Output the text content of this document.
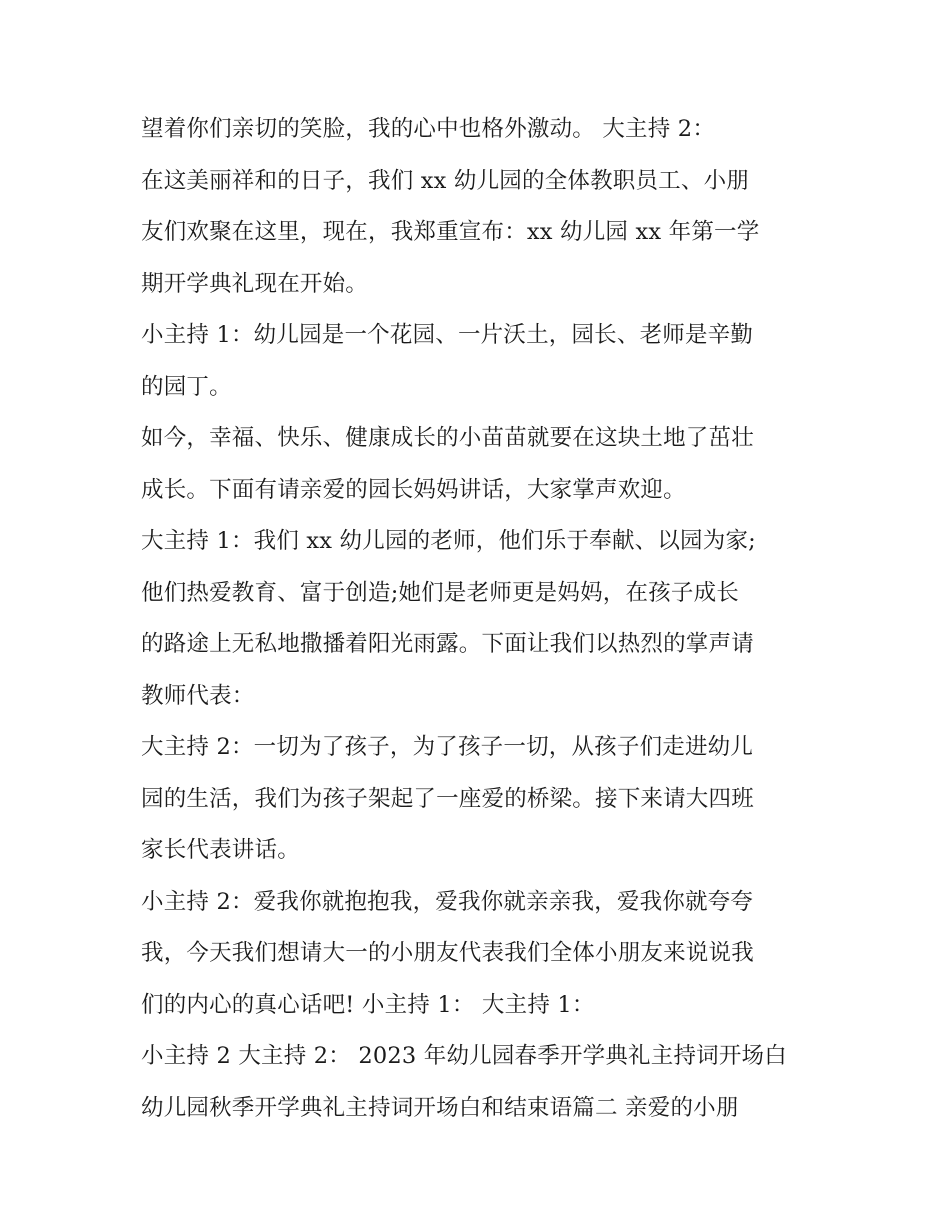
望着你们亲切的笑脸，我的心中也格外激动。 大主持 2：
在这美丽祥和的日子，我们 xx 幼儿园的全体教职员工、小朋
友们欢聚在这里，现在，我郑重宣布：xx 幼儿园 xx 年第一学
期开学典礼现在开始。
小主持 1：幼儿园是一个花园、一片沃土，园长、老师是辛勤
的园丁。
如今，幸福、快乐、健康成长的小苗苗就要在这块土地了茁壮
成长。下面有请亲爱的园长妈妈讲话，大家掌声欢迎。
大主持 1：我们 xx 幼儿园的老师，他们乐于奉献、以园为家;
他们热爱教育、富于创造;她们是老师更是妈妈，在孩子成长
的路途上无私地撒播着阳光雨露。下面让我们以热烈的掌声请
教师代表：
大主持 2：一切为了孩子，为了孩子一切，从孩子们走进幼儿
园的生活，我们为孩子架起了一座爱的桥梁。接下来请大四班
家长代表讲话。
小主持 2：爱我你就抱抱我，爱我你就亲亲我，爱我你就夸夸
我，今天我们想请大一的小朋友代表我们全体小朋友来说说我
们的内心的真心话吧! 小主持 1： 大主持 1：
小主持 2 大主持 2： 2023 年幼儿园春季开学典礼主持词开场白
幼儿园秋季开学典礼主持词开场白和结束语篇二 亲爱的小朋
